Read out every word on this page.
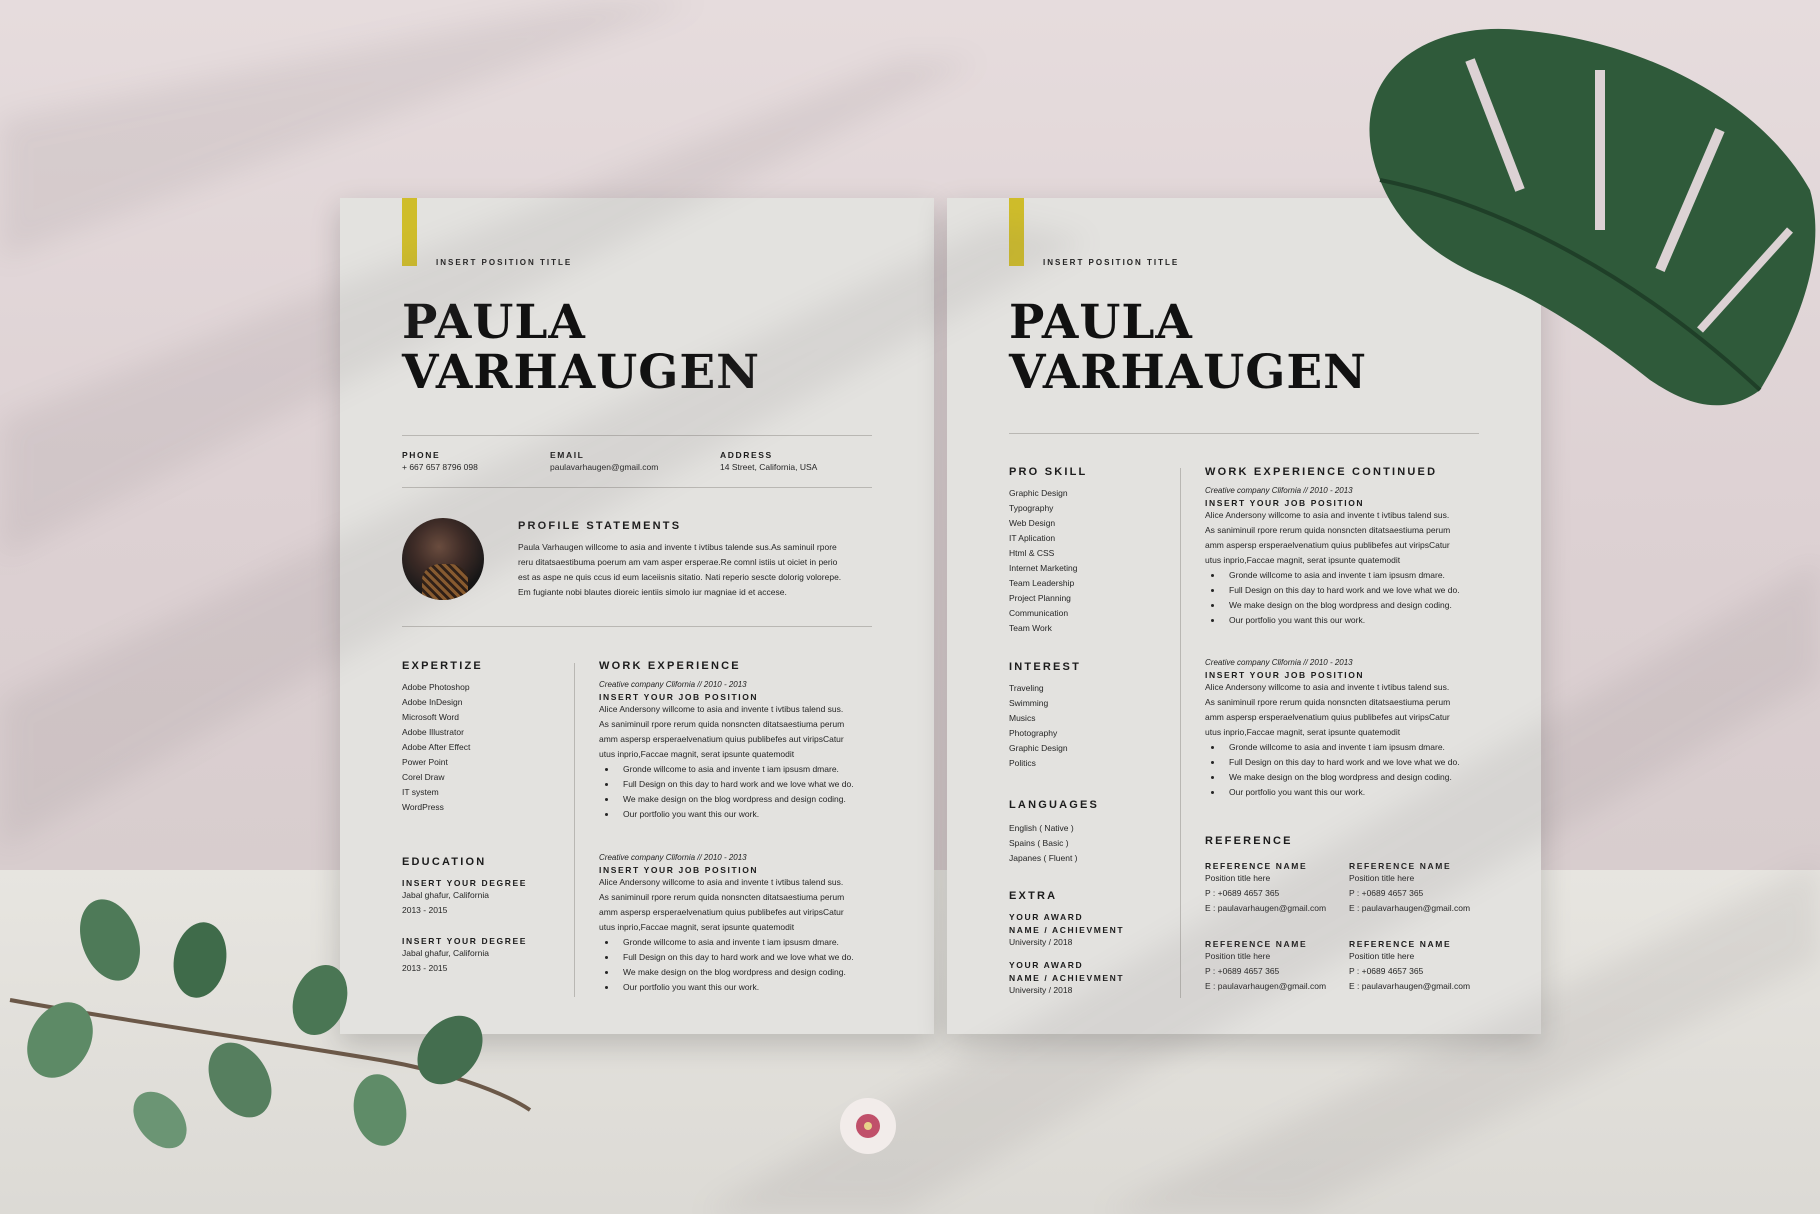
INSERT POSITION TITLE
PAULA
VARHAUGEN
PHONE
+ 667 657 8796 098
EMAIL
paulavarhaugen@gmail.com
ADDRESS
14 Street, California, USA
PROFILE STATEMENTS
Paula Varhaugen willcome to asia and invente t ivtibus talende sus.As saminuil rpore
reru ditatsaestibuma poerum am vam asper ersperae.Re comnl istiis ut oiciet in perio
est as aspe ne quis ccus id eum laceiisnis sitatio. Nati reperio sescte dolorig volorepe.
Em fugiante nobi blautes dioreic ientiis simolo iur magniae id et accese.
EXPERTIZE
Adobe Photoshop
Adobe InDesign
Microsoft Word
Adobe Illustrator
Adobe After Effect
Power Point
Corel Draw
IT system
WordPress
EDUCATION
INSERT YOUR DEGREE
Jabal ghafur, California
2013 - 2015
INSERT YOUR DEGREE
Jabal ghafur, California
2013 - 2015
WORK EXPERIENCE
Creative company Clifornia // 2010 - 2013
INSERT YOUR JOB POSITION
Alice Andersony willcome to asia and invente t ivtibus talend sus.
As saniminuil rpore rerum quida nonsncten ditatsaestiuma perum
amm aspersp ersperaelvenatium quius publibefes aut viripsCatur
utus inprio,Faccae magnit, serat ipsunte quatemodit
• Gronde willcome to asia and invente t iam ipsusm dmare.
• Full Design on this day to hard work and we love what we do.
• We make design on the blog wordpress and design coding.
• Our portfolio you want this our work.
Creative company Clifornia // 2010 - 2013
INSERT YOUR JOB POSITION
Alice Andersony willcome to asia and invente t ivtibus talend sus.
As saniminuil rpore rerum quida nonsncten ditatsaestiuma perum
amm aspersp ersperaelvenatium quius publibefes aut viripsCatur
utus inprio,Faccae magnit, serat ipsunte quatemodit
• Gronde willcome to asia and invente t iam ipsusm dmare.
• Full Design on this day to hard work and we love what we do.
• We make design on the blog wordpress and design coding.
• Our portfolio you want this our work.
INSERT POSITION TITLE
PAULA
VARHAUGEN
PRO SKILL
Graphic Design
Typography
Web Design
IT Aplication
Html & CSS
Internet Marketing
Team Leadership
Project Planning
Communication
Team Work
INTEREST
Traveling
Swimming
Musics
Photography
Graphic Design
Politics
LANGUAGES
English ( Native )
Spains ( Basic )
Japanes ( Fluent )
EXTRA
YOUR AWARD
NAME / ACHIEVMENT
University / 2018
YOUR AWARD
NAME / ACHIEVMENT
University / 2018
WORK EXPERIENCE CONTINUED
Creative company Clifornia // 2010 - 2013
INSERT YOUR JOB POSITION
Alice Andersony willcome to asia and invente t ivtibus talend sus.
As saniminuil rpore rerum quida nonsncten ditatsaestiuma perum
amm aspersp ersperaelvenatium quius publibefes aut viripsCatur
utus inprio,Faccae magnit, serat ipsunte quatemodit
• Gronde willcome to asia and invente t iam ipsusm dmare.
• Full Design on this day to hard work and we love what we do.
• We make design on the blog wordpress and design coding.
• Our portfolio you want this our work.
Creative company Clifornia // 2010 - 2013
INSERT YOUR JOB POSITION
Alice Andersony willcome to asia and invente t ivtibus talend sus.
As saniminuil rpore rerum quida nonsncten ditatsaestiuma perum
amm aspersp ersperaelvenatium quius publibefes aut viripsCatur
utus inprio,Faccae magnit, serat ipsunte quatemodit
• Gronde willcome to asia and invente t iam ipsusm dmare.
• Full Design on this day to hard work and we love what we do.
• We make design on the blog wordpress and design coding.
• Our portfolio you want this our work.
REFERENCE
REFERENCE NAME
Position title here
P : +0689 4657 365
E : paulavarhaugen@gmail.com
REFERENCE NAME
Position title here
P : +0689 4657 365
E : paulavarhaugen@gmail.com
REFERENCE NAME
Position title here
P : +0689 4657 365
E : paulavarhaugen@gmail.com
REFERENCE NAME
Position title here
P : +0689 4657 365
E : paulavarhaugen@gmail.com
